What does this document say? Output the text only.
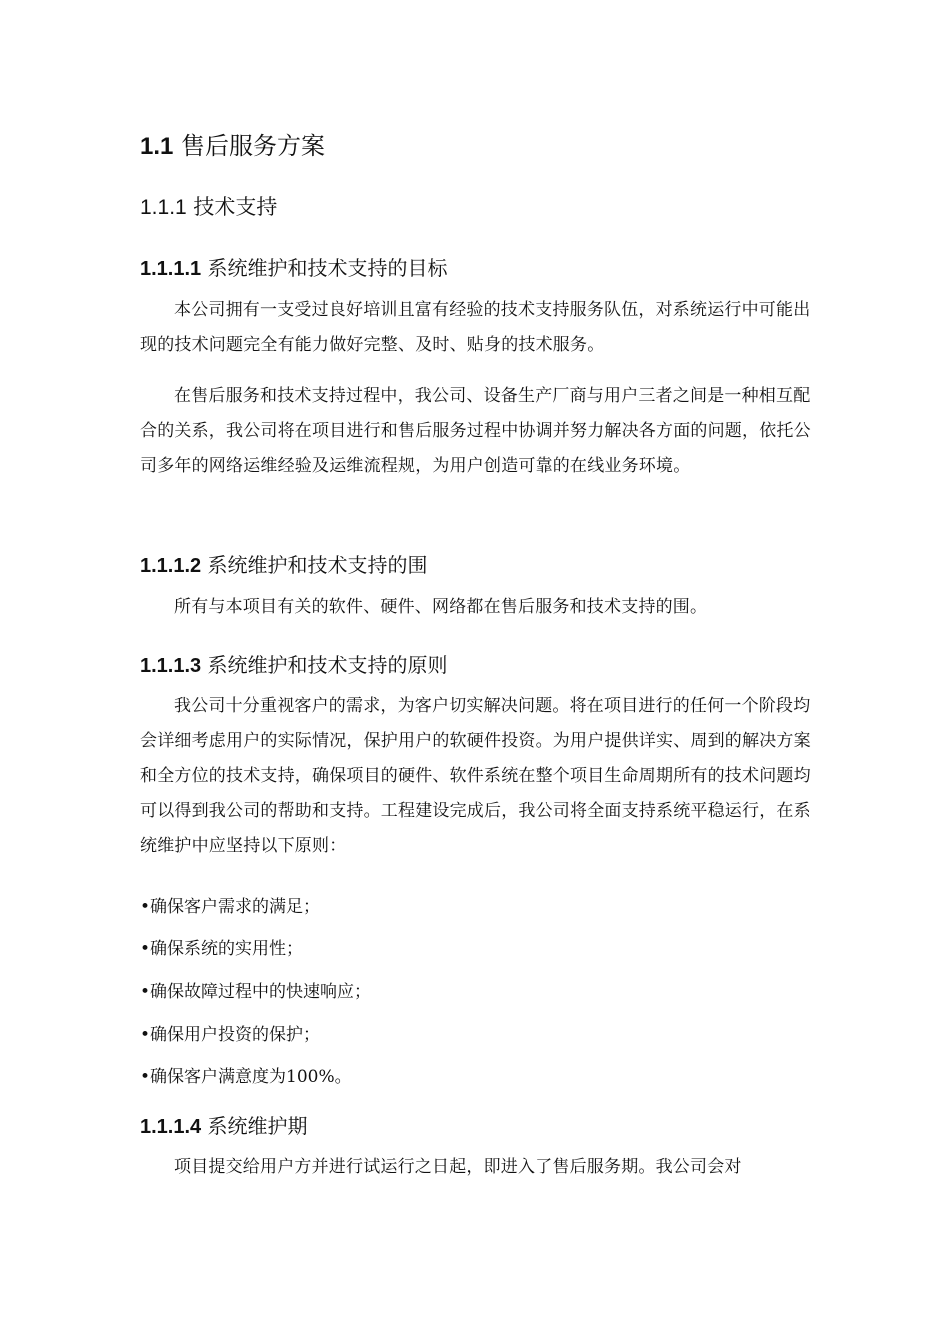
1.1 售后服务方案
1.1.1 技术支持
1.1.1.1 系统维护和技术支持的目标

本公司拥有一支受过良好培训且富有经验的技术支持服务队伍，对系统运行中可能出现的技术问题完全有能力做好完整、及时、贴身的技术服务。

在售后服务和技术支持过程中，我公司、设备生产厂商与用户三者之间是一种相互配合的关系，我公司将在项目进行和售后服务过程中协调并努力解决各方面的问题，依托公司多年的网络运维经验及运维流程规，为用户创造可靠的在线业务环境。

1.1.1.2 系统维护和技术支持的围

所有与本项目有关的软件、硬件、网络都在售后服务和技术支持的围。

1.1.1.3 系统维护和技术支持的原则

我公司十分重视客户的需求，为客户切实解决问题。将在项目进行的任何一个阶段均会详细考虑用户的实际情况，保护用户的软硬件投资。为用户提供详实、周到的解决方案和全方位的技术支持，确保项目的硬件、软件系统在整个项目生命周期所有的技术问题均可以得到我公司的帮助和支持。工程建设完成后，我公司将全面支持系统平稳运行，在系统维护中应坚持以下原则：

•确保客户需求的满足；

•确保系统的实用性；

•确保故障过程中的快速响应；

•确保用户投资的保护；

•确保客户满意度为100%。

1.1.1.4 系统维护期

项目提交给用户方并进行试运行之日起，即进入了售后服务期。我公司会对
